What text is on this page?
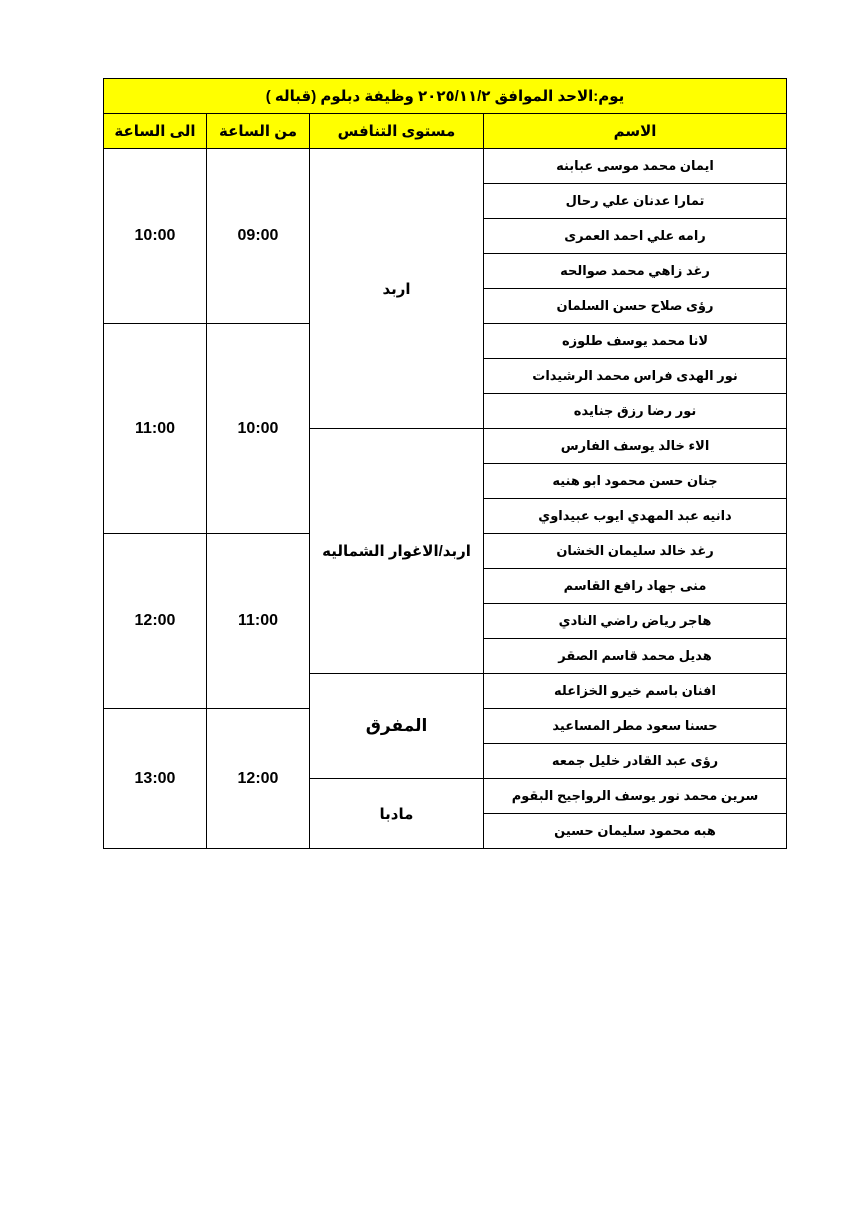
يوم:الاحد الموافق ٢٠٢٥/١١/٢ وظيفة دبلوم (قباله )			
الى الساعة	من الساعة	مستوى التنافس	الاسم
10:00	09:00	اربد	ايمان محمد موسى عبابنه
			تمارا عدنان علي رحال
			رامه علي احمد العمرى
			رغد زاهي محمد صوالحه
			رؤى صلاح حسن السلمان
11:00	10:00		لانا محمد يوسف طلوزه
			نور الهدى فراس محمد الرشيدات
			نور رضا رزق جنايده
		اربد/الاغوار الشماليه	الاء خالد يوسف الفارس
			جنان حسن محمود ابو هنيه
			دانيه عبد المهدي ايوب عبيداوي
12:00	11:00		رغد خالد سليمان الخشان
			منى جهاد رافع القاسم
			هاجر رياض راضي النادي
			هديل محمد قاسم الصقر
		المفرق	افنان باسم خيرو الخزاعله
13:00	12:00		حسنا سعود مطر المساعيد
			رؤى عبد القادر خليل جمعه
		مادبا	سرين محمد نور يوسف الرواجيح البقوم
			هبه محمود سليمان حسين
